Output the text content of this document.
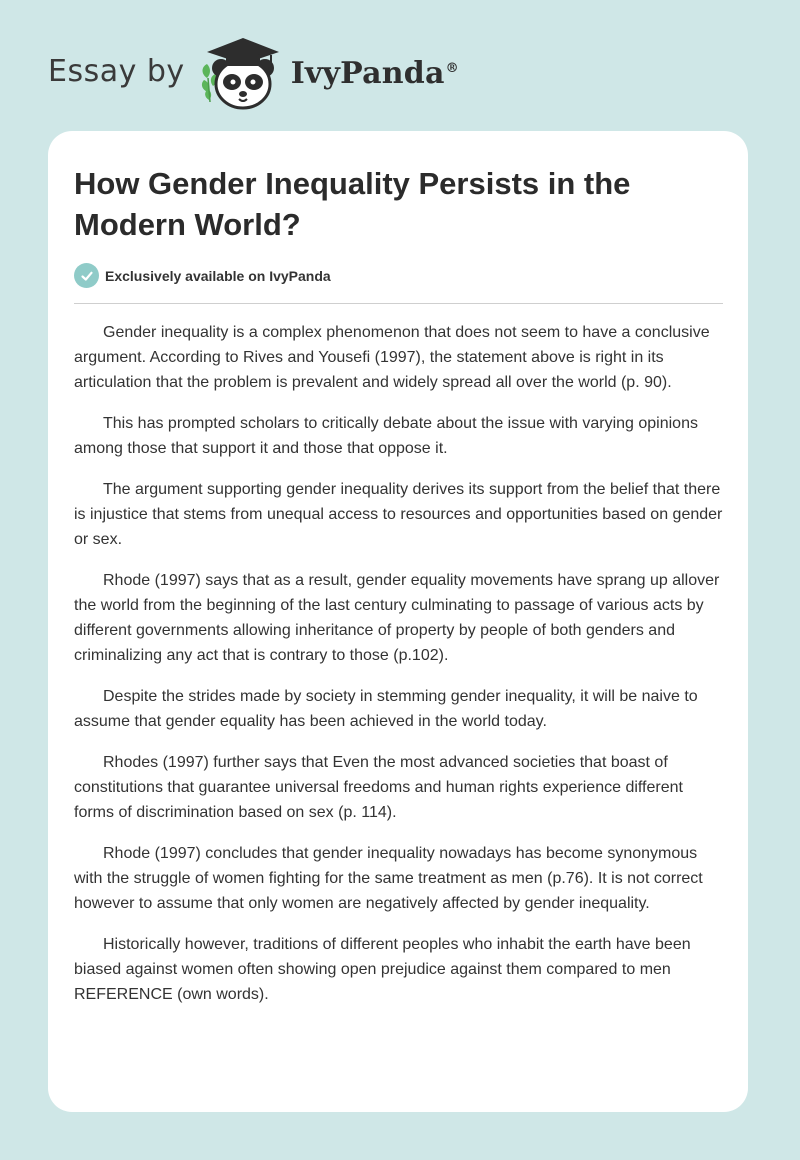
Essay by	IvyPanda®
How Gender Inequality Persists in the Modern World?
Exclusively available on IvyPanda

Gender inequality is a complex phenomenon that does not seem to have a conclusive argument. According to Rives and Yousefi (1997), the statement above is right in its articulation that the problem is prevalent and widely spread all over the world (p. 90).

This has prompted scholars to critically debate about the issue with varying opinions among those that support it and those that oppose it.

The argument supporting gender inequality derives its support from the belief that there is injustice that stems from unequal access to resources and opportunities based on gender or sex.

Rhode (1997) says that as a result, gender equality movements have sprang up allover the world from the beginning of the last century culminating to passage of various acts by different governments allowing inheritance of property by people of both genders and criminalizing any act that is contrary to those (p.102).

Despite the strides made by society in stemming gender inequality, it will be naive to assume that gender equality has been achieved in the world today.

Rhodes (1997) further says that Even the most advanced societies that boast of constitutions that guarantee universal freedoms and human rights experience different forms of discrimination based on sex (p. 114).

Rhode (1997) concludes that gender inequality nowadays has become synonymous with the struggle of women fighting for the same treatment as men (p.76). It is not correct however to assume that only women are negatively affected by gender inequality.

Historically however, traditions of different peoples who inhabit the earth have been biased against women often showing open prejudice against them compared to men REFERENCE (own words).
